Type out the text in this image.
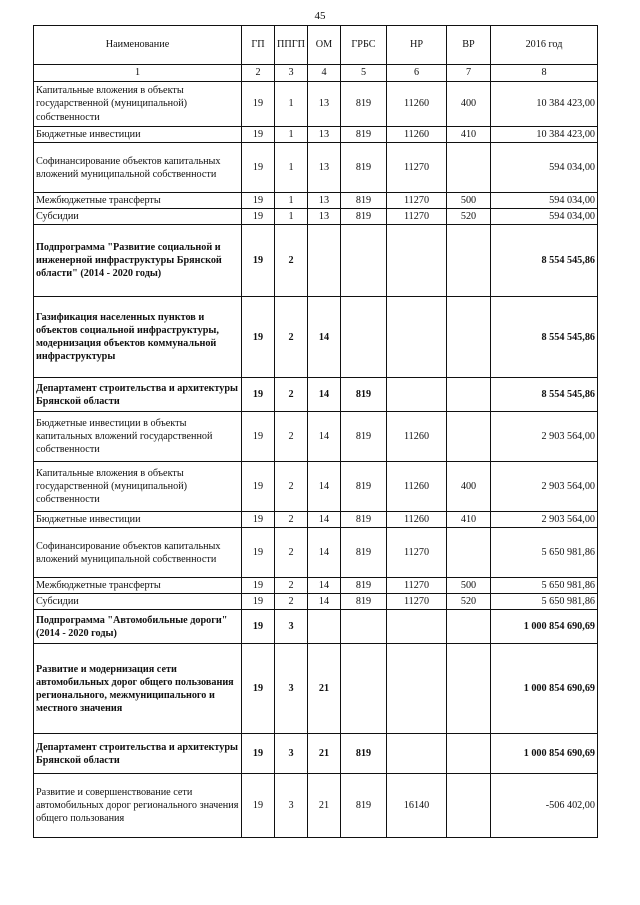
45
Наименование	ГП	ППГП	ОМ	ГРБС	НР	ВР	2016 год
1	2	3	4	5	6	7	8
Капитальные вложения в объекты государственной (муниципальной) собственности	19	1	13	819	11260	400	10 384 423,00
Бюджетные инвестиции	19	1	13	819	11260	410	10 384 423,00
Софинансирование объектов капитальных вложений муниципальной собственности	19	1	13	819	11270		594 034,00
Межбюджетные трансферты	19	1	13	819	11270	500	594 034,00
Субсидии	19	1	13	819	11270	520	594 034,00
Подпрограмма "Развитие социальной и инженерной инфраструктуры Брянской области" (2014 - 2020 годы)	19	2					8 554 545,86
Газификация населенных пунктов и объектов социальной инфраструктуры, модернизация объектов коммунальной инфраструктуры	19	2	14				8 554 545,86
Департамент строительства и архитектуры Брянской области	19	2	14	819			8 554 545,86
Бюджетные инвестиции в объекты капитальных вложений государственной собственности	19	2	14	819	11260		2 903 564,00
Капитальные вложения в объекты государственной (муниципальной) собственности	19	2	14	819	11260	400	2 903 564,00
Бюджетные инвестиции	19	2	14	819	11260	410	2 903 564,00
Софинансирование объектов капитальных вложений муниципальной собственности	19	2	14	819	11270		5 650 981,86
Межбюджетные трансферты	19	2	14	819	11270	500	5 650 981,86
Субсидии	19	2	14	819	11270	520	5 650 981,86
Подпрограмма "Автомобильные дороги" (2014 - 2020 годы)	19	3					1 000 854 690,69
Развитие и модернизация сети автомобильных дорог общего пользования регионального, межмуниципального и местного значения	19	3	21				1 000 854 690,69
Департамент строительства и архитектуры Брянской области	19	3	21	819			1 000 854 690,69
Развитие и совершенствование сети автомобильных дорог регионального значения общего пользования	19	3	21	819	16140		-506 402,00
